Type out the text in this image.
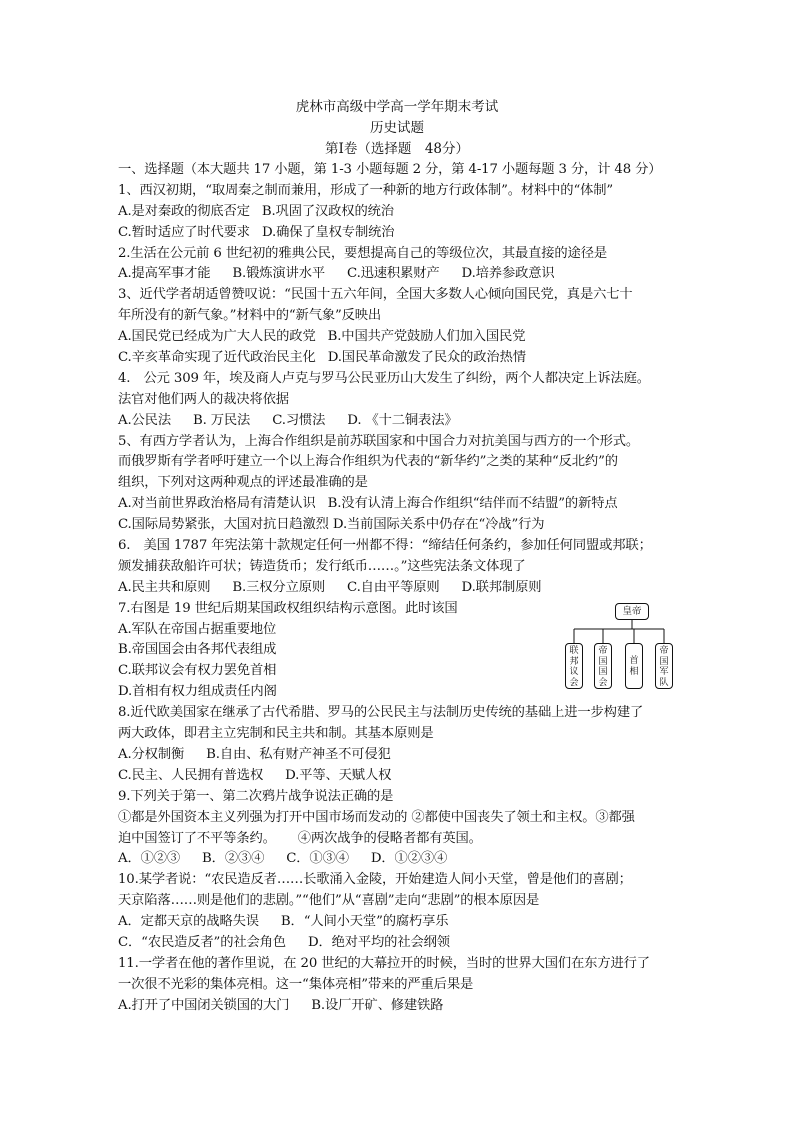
虎林市高级中学高一学年期末考试
历史试题
第Ⅰ卷（选择题　48分）
一、选择题（本大题共 17 小题，第 1-3 小题每题 2 分，第 4-17 小题每题 3 分，计 48 分）
1、西汉初期，“取周秦之制而兼用，形成了一种新的地方行政体制”。材料中的“体制”
A.是对秦政的彻底否定 B.巩固了汉政权的统治
C.暂时适应了时代要求 D.确保了皇权专制统治
2.生活在公元前 6 世纪初的雅典公民，要想提高自己的等级位次，其最直接的途径是
A.提高军事才能 B.锻炼演讲水平 C.迅速积累财产 D.培养参政意识
3、近代学者胡适曾赞叹说：“民国十五六年间，全国大多数人心倾向国民党，真是六七十
年所没有的新气象。”材料中的“新气象”反映出
A.国民党已经成为广大人民的政党 B.中国共产党鼓励人们加入国民党
C.辛亥革命实现了近代政治民主化 D.国民革命激发了民众的政治热情
4.　公元 309 年，埃及商人卢克与罗马公民亚历山大发生了纠纷，两个人都决定上诉法庭。
法官对他们两人的裁决将依据
A.公民法 B. 万民法 C.习惯法 D. 《十二铜表法》
5、有西方学者认为，上海合作组织是前苏联国家和中国合力对抗美国与西方的一个形式。
而俄罗斯有学者呼吁建立一个以上海合作组织为代表的“新华约”之类的某种“反北约”的
组织，下列对这两种观点的评述最准确的是
A.对当前世界政治格局有清楚认识 B.没有认清上海合作组织“结伴而不结盟”的新特点
C.国际局势紧张，大国对抗日趋激烈 D.当前国际关系中仍存在“冷战”行为
6.　美国 1787 年宪法第十款规定任何一州都不得：“缔结任何条约，参加任何同盟或邦联；
颁发捕获敌船许可状；铸造货币；发行纸币……。”这些宪法条文体现了
A.民主共和原则 B.三权分立原则 C.自由平等原则 D.联邦制原则
7.右图是 19 世纪后期某国政权组织结构示意图。此时该国
A.军队在帝国占据重要地位
B.帝国国会由各邦代表组成
C.联邦议会有权力罢免首相
D.首相有权力组成责任内阁
8.近代欧美国家在继承了古代希腊、罗马的公民民主与法制历史传统的基础上进一步构建了
两大政体，即君主立宪制和民主共和制。其基本原则是
A.分权制衡 B.自由、私有财产神圣不可侵犯
C.民主、人民拥有普选权 D.平等、天赋人权
9.下列关于第一、第二次鸦片战争说法正确的是
①都是外国资本主义列强为打开中国市场而发动的 ②都使中国丧失了领土和主权。③都强
迫中国签订了不平等条约。 ④两次战争的侵略者都有英国。
A．①②③ B．②③④ C．①③④ D．①②③④
10.某学者说：“农民造反者……长歌涌入金陵，开始建造人间小天堂，曾是他们的喜剧；
天京陷落……则是他们的悲剧。”“他们”从“喜剧”走向“悲剧”的根本原因是
A．定都天京的战略失误 B．“人间小天堂”的腐朽享乐
C．“农民造反者”的社会角色 D．绝对平均的社会纲领
11.一学者在他的著作里说，在 20 世纪的大幕拉开的时候，当时的世界大国们在东方进行了
一次很不光彩的集体亮相。这一“集体亮相”带来的严重后果是
A.打开了中国闭关锁国的大门 B.设厂开矿、修建铁路
皇帝
联邦议会
帝国国会
首相
帝国军队
